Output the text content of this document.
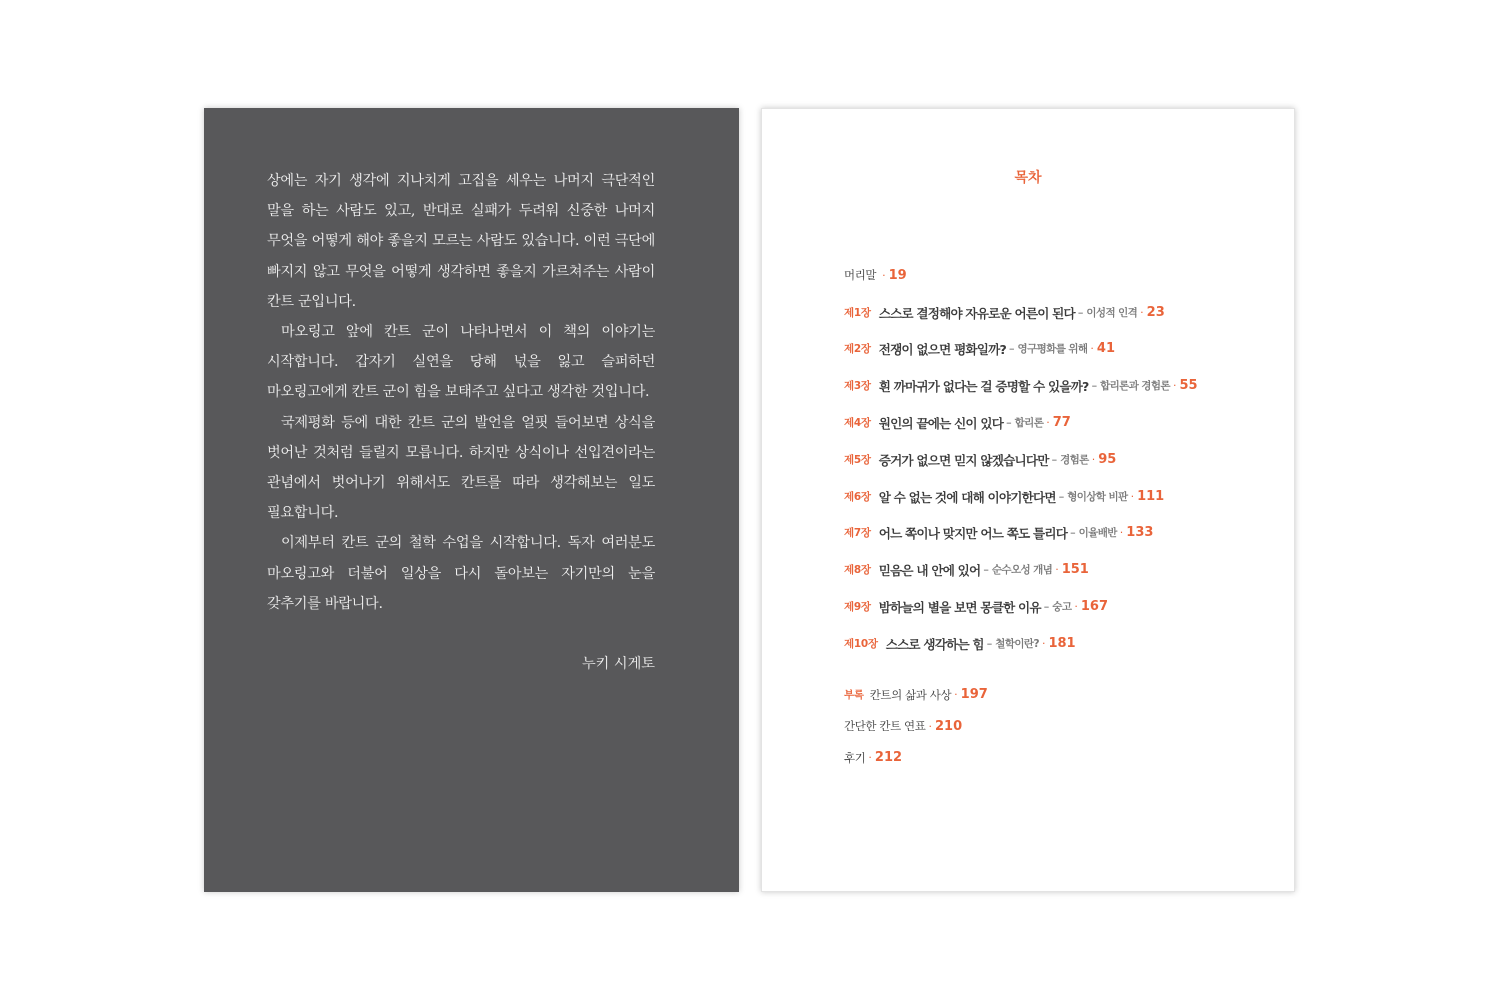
상에는 자기 생각에 지나치게 고집을 세우는 나머지 극단적인 말을 하는 사람도 있고, 반대로 실패가 두려워 신중한 나머지 무엇을 어떻게 해야 좋을지 모르는 사람도 있습니다. 이런 극단에 빠지지 않고 무엇을 어떻게 생각하면 좋을지 가르쳐주는 사람이 칸트 군입니다.

마오링고 앞에 칸트 군이 나타나면서 이 책의 이야기는 시작합니다. 갑자기 실연을 당해 넋을 잃고 슬퍼하던 마오링고에게 칸트 군이 힘을 보태주고 싶다고 생각한 것입니다.

국제평화 등에 대한 칸트 군의 발언을 얼핏 들어보면 상식을 벗어난 것처럼 들릴지 모릅니다. 하지만 상식이나 선입견이라는 관념에서 벗어나기 위해서도 칸트를 따라 생각해보는 일도 필요합니다.

이제부터 칸트 군의 철학 수업을 시작합니다. 독자 여러분도 마오링고와 더불어 일상을 다시 돌아보는 자기만의 눈을 갖추기를 바랍니다.

누키 시게토
목차
머리말 · 19
제1장 스스로 결정해야 자유로운 어른이 된다 – 이성적 인격 · 23
제2장 전쟁이 없으면 평화일까? – 영구평화를 위해 · 41
제3장 흰 까마귀가 없다는 걸 증명할 수 있을까? – 합리론과 경험론 · 55
제4장 원인의 끝에는 신이 있다 – 합리론 · 77
제5장 증거가 없으면 믿지 않겠습니다만 – 경험론 · 95
제6장 알 수 없는 것에 대해 이야기한다면 – 형이상학 비판 · 111
제7장 어느 쪽이나 맞지만 어느 쪽도 틀리다 – 이율배반 · 133
제8장 믿음은 내 안에 있어 – 순수오성 개념 · 151
제9장 밤하늘의 별을 보면 몽클한 이유 – 숭고 · 167
제10장 스스로 생각하는 힘 – 철학이란? · 181
부록 칸트의 삶과 사상 · 197
간단한 칸트 연표 · 210
후기 · 212
